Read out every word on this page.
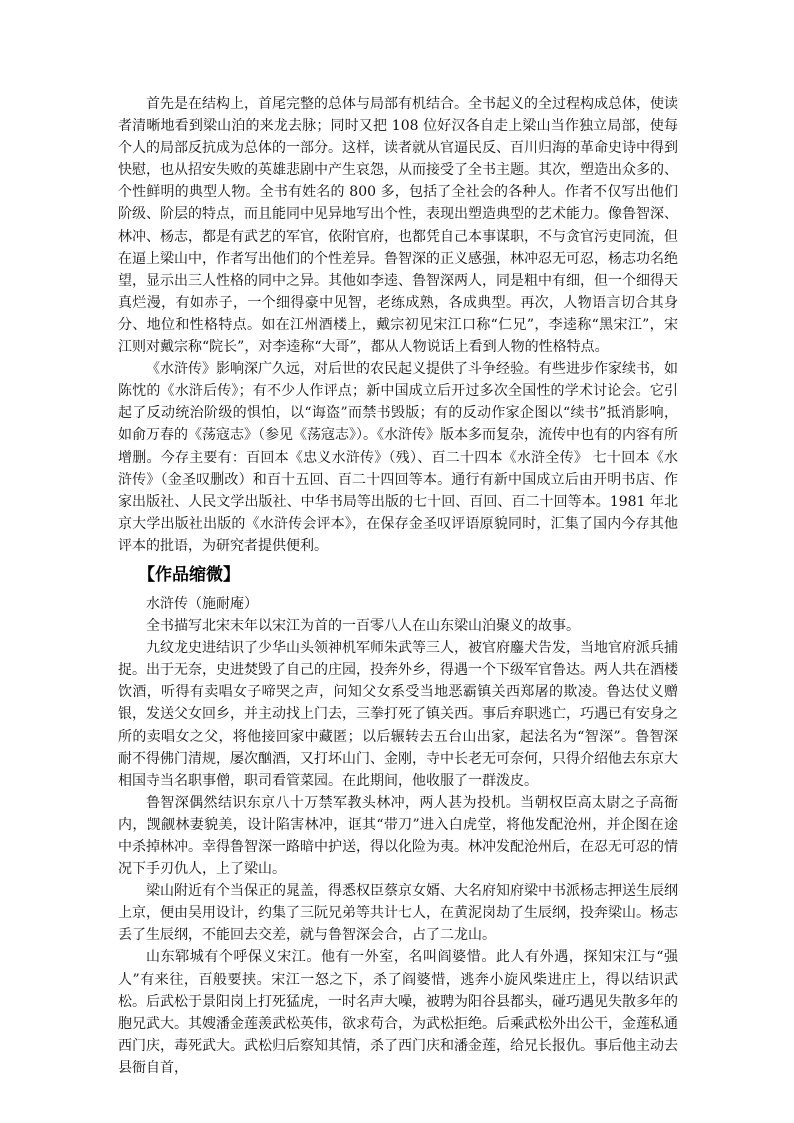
首先是在结构上，首尾完整的总体与局部有机结合。全书起义的全过程构成总体，使读者清晰地看到梁山泊的来龙去脉；同时又把 108 位好汉各自走上梁山当作独立局部，使每个人的局部反抗成为总体的一部分。这样，读者就从官逼民反、百川归海的革命史诗中得到快慰，也从招安失败的英雄悲剧中产生哀怨，从而接受了全书主题。其次，塑造出众多的、个性鲜明的典型人物。全书有姓名的 800 多，包括了全社会的各种人。作者不仅写出他们阶级、阶层的特点，而且能同中见异地写出个性，表现出塑造典型的艺术能力。像鲁智深、林冲、杨志，都是有武艺的军官，依附官府，也都凭自己本事谋职，不与贪官污吏同流，但在逼上梁山中，作者写出他们的个性差异。鲁智深的正义感强，林冲忍无可忍，杨志功名绝望，显示出三人性格的同中之异。其他如李逵、鲁智深两人，同是粗中有细，但一个细得天真烂漫，有如赤子，一个细得豪中见智，老练成熟，各成典型。再次，人物语言切合其身分、地位和性格特点。如在江州酒楼上，戴宗初见宋江口称“仁兄”，李逵称“黑宋江”，宋江则对戴宗称“院长”，对李逵称“大哥”，都从人物说话上看到人物的性格特点。

《水浒传》影响深广久远，对后世的农民起义提供了斗争经验。有些进步作家续书，如陈忱的《水浒后传》；有不少人作评点；新中国成立后开过多次全国性的学术讨论会。它引起了反动统治阶级的惧怕，以“诲盗”而禁书毁版；有的反动作家企图以“续书”抵消影响，如俞万春的《荡寇志》（参见《荡寇志》）。《水浒传》版本多而复杂，流传中也有的内容有所增删。今存主要有：百回本《忠义水浒传》（残）、百二十四本《水浒全传》 七十回本《水浒传》（金圣叹删改）和百十五回、百二十四回等本。通行有新中国成立后由开明书店、作家出版社、人民文学出版社、中华书局等出版的七十回、百回、百二十回等本。1981 年北京大学出版社出版的《水浒传会评本》，在保存金圣叹评语原貌同时，汇集了国内今存其他评本的批语，为研究者提供便利。

【作品缩微】

水浒传（施耐庵）

全书描写北宋末年以宋江为首的一百零八人在山东梁山泊聚义的故事。

九纹龙史进结识了少华山头领神机军师朱武等三人，被官府鏖犬告发，当地官府派兵捕捉。出于无奈，史进焚毁了自己的庄园，投奔外乡，得遇一个下级军官鲁达。两人共在酒楼饮酒，听得有卖唱女子啼哭之声，问知父女系受当地恶霸镇关西郑屠的欺凌。鲁达仗义赠银，发送父女回乡，并主动找上门去，三拳打死了镇关西。事后弃职逃亡，巧遇已有安身之所的卖唱女之父，将他接回家中藏匿；以后辗转去五台山出家，起法名为“智深”。鲁智深耐不得佛门清规，屡次酗酒，又打坏山门、金刚，寺中长老无可奈何，只得介绍他去东京大相国寺当名职事僧，职司看管菜园。在此期间，他收服了一群泼皮。

鲁智深偶然结识东京八十万禁军教头林冲，两人甚为投机。当朝权臣高太尉之子高衙内，觊觎林妻貌美，设计陷害林冲，诓其“带刀”进入白虎堂，将他发配沧州，并企图在途中杀掉林冲。幸得鲁智深一路暗中护送，得以化险为夷。林冲发配沧州后，在忍无可忍的情况下手刃仇人，上了梁山。

梁山附近有个当保正的晁盖，得悉权臣蔡京女婿、大名府知府梁中书派杨志押送生辰纲上京，便由吴用设计，约集了三阮兄弟等共计七人，在黄泥岗劫了生辰纲，投奔梁山。杨志丢了生辰纲，不能回去交差，就与鲁智深会合，占了二龙山。

山东郓城有个呼保义宋江。他有一外室，名叫阎婆惜。此人有外遇，探知宋江与“强人”有来往，百般要挟。宋江一怒之下，杀了阎婆惜，逃奔小旋风柴进庄上，得以结识武松。后武松于景阳岗上打死猛虎，一时名声大噪，被聘为阳谷县都头，碰巧遇见失散多年的胞兄武大。其嫂潘金莲羡武松英伟，欲求苟合，为武松拒绝。后乘武松外出公干，金莲私通西门庆，毒死武大。武松归后察知其情，杀了西门庆和潘金莲，给兄长报仇。事后他主动去县衙自首，
